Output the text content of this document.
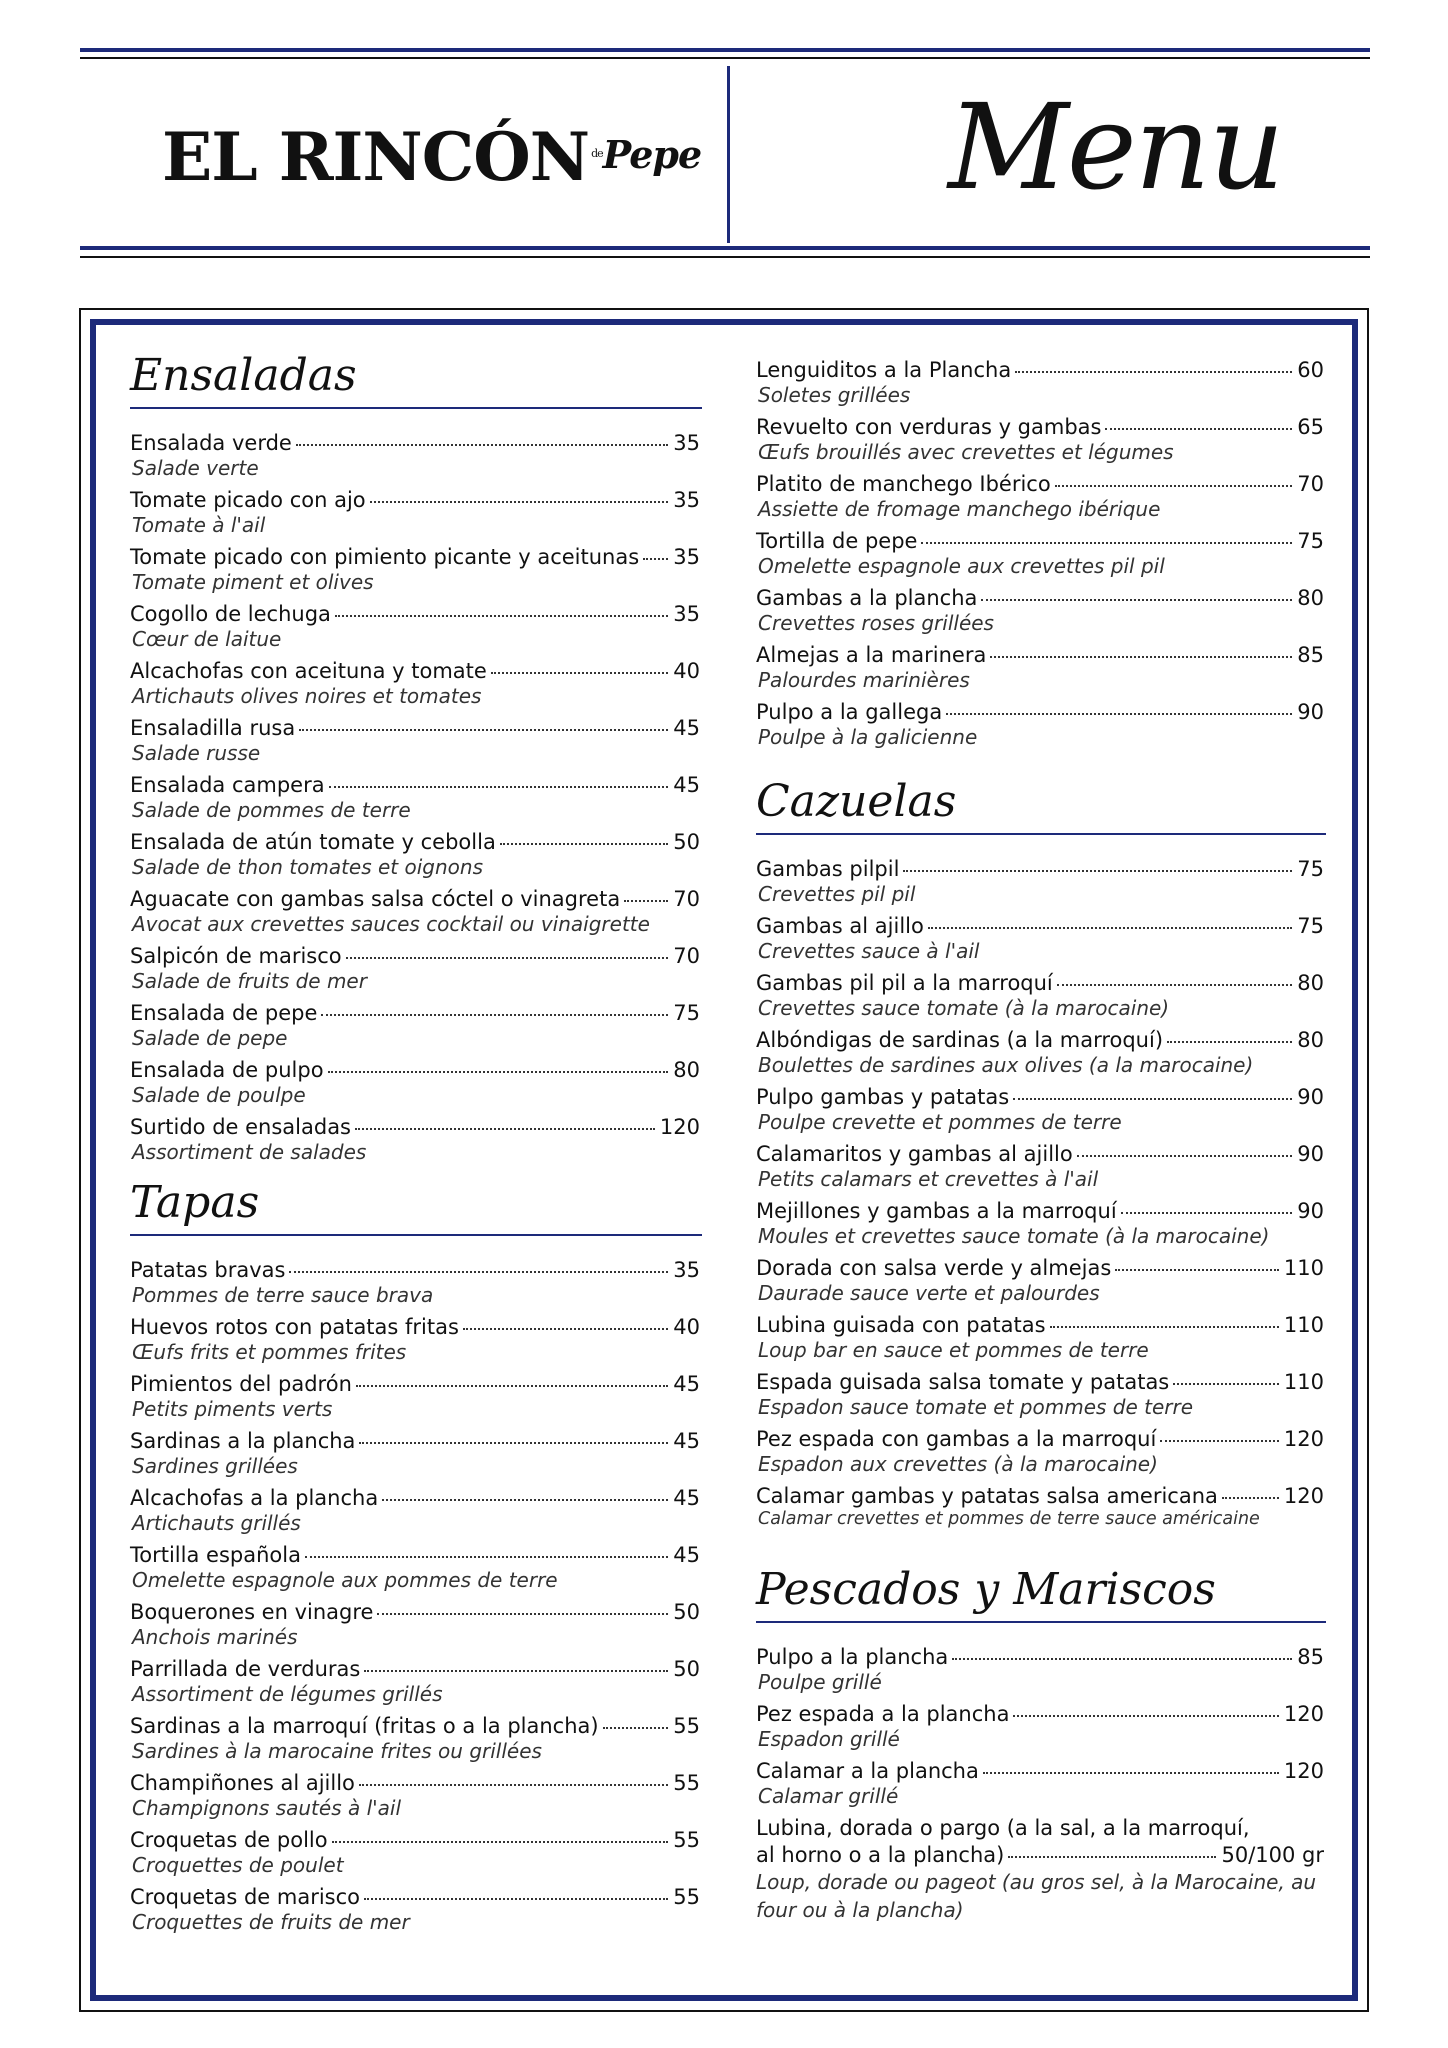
EL RINCÓN $^{dePepe}$ Menu
Ensaladas
Ensalada verde	35
Salade verte
Tomate picado con ajo	35
Tomate à l'ail
Tomate picado con pimiento picante y aceitunas 35
Tomate piment et olives
Cogollo de lechuga	35
Cœur de laitue
Alcachofas con aceituna y tomate	40
Artichauts olives noires et tomates
Ensaladilla rusa	45
Salade russe
Ensalada campera	45
Salade de pommes de terre
Ensalada de atún tomate y cebolla	50
Salade de thon tomates et oignons
Aguacate con gambas salsa cóctel o vinagreta	70
Avocat aux crevettes sauces cocktail ou vinaigrette
Salpicón de marisco	70
Salade de fruits de mer
Ensalada de pepe	75
Salade de pepe
Ensalada de pulpo	80
Salade de poulpe
Surtido de ensaladas	120
Assortiment de salades
Tapas
Patatas bravas	35
Pommes de terre sauce brava
Huevos rotos con patatas fritas	40
Œufs frits et pommes frites
Pimientos del padrón	45
Petits piments verts
Sardinas a la plancha	45
Sardines grillées
Alcachofas a la plancha	45
Artichauts grillés
Tortilla española	45
Omelette espagnole aux pommes de terre
Boquerones en vinagre	50
Anchois marinés
Parrillada de verduras	50
Assortiment de légumes grillés
Sardinas a la marroquí (fritas o a la plancha)	55
Sardines à la marocaine frites ou grillées
Champiñones al ajillo	55
Champignons sautés à l'ail
Croquetas de pollo	55
Croquettes de poulet
Croquetas de marisco	55
Croquettes de fruits de mer
Lenguiditos a la Plancha	60
Soletes grillées
Revuelto con verduras y gambas	65
Œufs brouillés avec crevettes et légumes
Platito de manchego Ibérico	70
Assiette de fromage manchego ibérique
Tortilla de pepe	75
Omelette espagnole aux crevettes pil pil
Gambas a la plancha	80
Crevettes roses grillées
Almejas a la marinera	85
Palourdes marinières
Pulpo a la gallega	90
Poulpe à la galicienne
Cazuelas
Gambas pilpil	75
Crevettes pil pil
Gambas al ajillo	75
Crevettes sauce à l'ail
Gambas pil pil a la marroquí	80
Crevettes sauce tomate (à la marocaine)
Albóndigas de sardinas (a la marroquí)	80
Boulettes de sardines aux olives (a la marocaine)
Pulpo gambas y patatas	90
Poulpe crevette et pommes de terre
Calamaritos y gambas al ajillo	90
Petits calamars et crevettes à l'ail
Mejillones y gambas a la marroquí	90
Moules et crevettes sauce tomate (à la marocaine)
Dorada con salsa verde y almejas	110
Daurade sauce verte et palourdes
Lubina guisada con patatas	110
Loup bar en sauce et pommes de terre
Espada guisada salsa tomate y patatas	110
Espadon sauce tomate et pommes de terre
Pez espada con gambas a la marroquí	120
Espadon aux crevettes (à la marocaine)
Calamar gambas y patatas salsa americana	120
Calamar crevettes et pommes de terre sauce américaine
Pescados y Mariscos
Pulpo a la plancha	85
Poulpe grillé
Pez espada a la plancha	120
Espadon grillé
Calamar a la plancha	120
Calamar grillé
Lubina, dorada o pargo (a la sal, a la marroquí,
al horno o a la plancha)	50/100 gr
Loup, dorade ou pageot (au gros sel, à la Marocaine, au four ou à la plancha)
